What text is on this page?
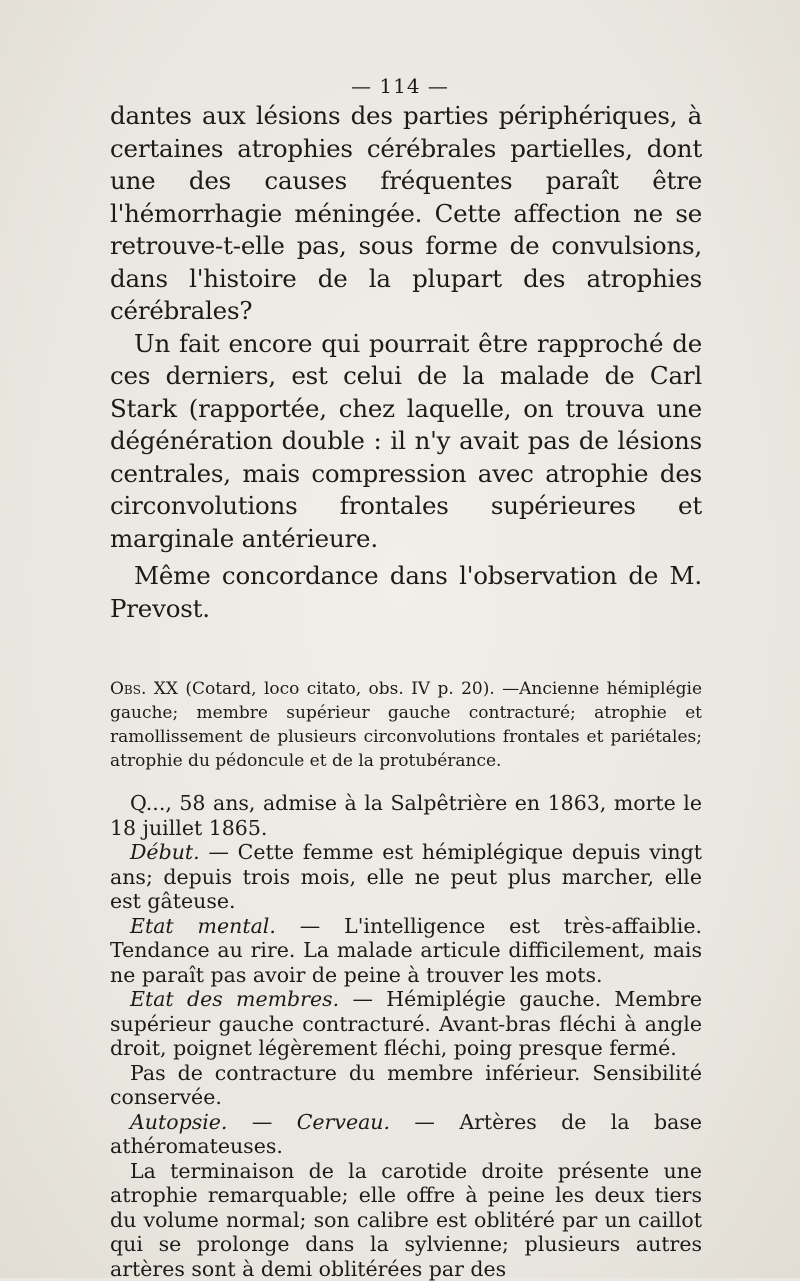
— 114 —

dantes aux lésions des parties périphériques, à certaines atrophies cérébrales partielles, dont une des causes fréquentes paraît être l'hémorrhagie méningée. Cette affection ne se retrouve-t-elle pas, sous forme de convulsions, dans l'histoire de la plupart des atrophies cérébrales?

Un fait encore qui pourrait être rapproché de ces derniers, est celui de la malade de Carl Stark (rapportée, chez laquelle, on trouva une dégénération double : il n'y avait pas de lésions centrales, mais compression avec atrophie des circonvolutions frontales supérieures et marginale antérieure.

Même concordance dans l'observation de M. Prevost.

Obs. XX (Cotard, loco citato, obs. IV p. 20). —Ancienne hémiplégie gauche; membre supérieur gauche contracturé; atrophie et ramollissement de plusieurs circonvolutions frontales et pariétales; atrophie du pédoncule et de la protubérance.

Q..., 58 ans, admise à la Salpêtrière en 1863, morte le 18 juillet 1865.

Début. — Cette femme est hémiplégique depuis vingt ans; depuis trois mois, elle ne peut plus marcher, elle est gâteuse.

Etat mental. — L'intelligence est très-affaiblie. Tendance au rire. La malade articule difficilement, mais ne paraît pas avoir de peine à trouver les mots.

Etat des membres. — Hémiplégie gauche. Membre supérieur gauche contracturé. Avant-bras fléchi à angle droit, poignet légèrement fléchi, poing presque fermé.

Pas de contracture du membre inférieur. Sensibilité conservée.

Autopsie. — Cerveau. — Artères de la base athéromateuses.

La terminaison de la carotide droite présente une atrophie remarquable; elle offre à peine les deux tiers du volume normal; son calibre est oblitéré par un caillot qui se prolonge dans la sylvienne; plusieurs autres artères sont à demi oblitérées par des
